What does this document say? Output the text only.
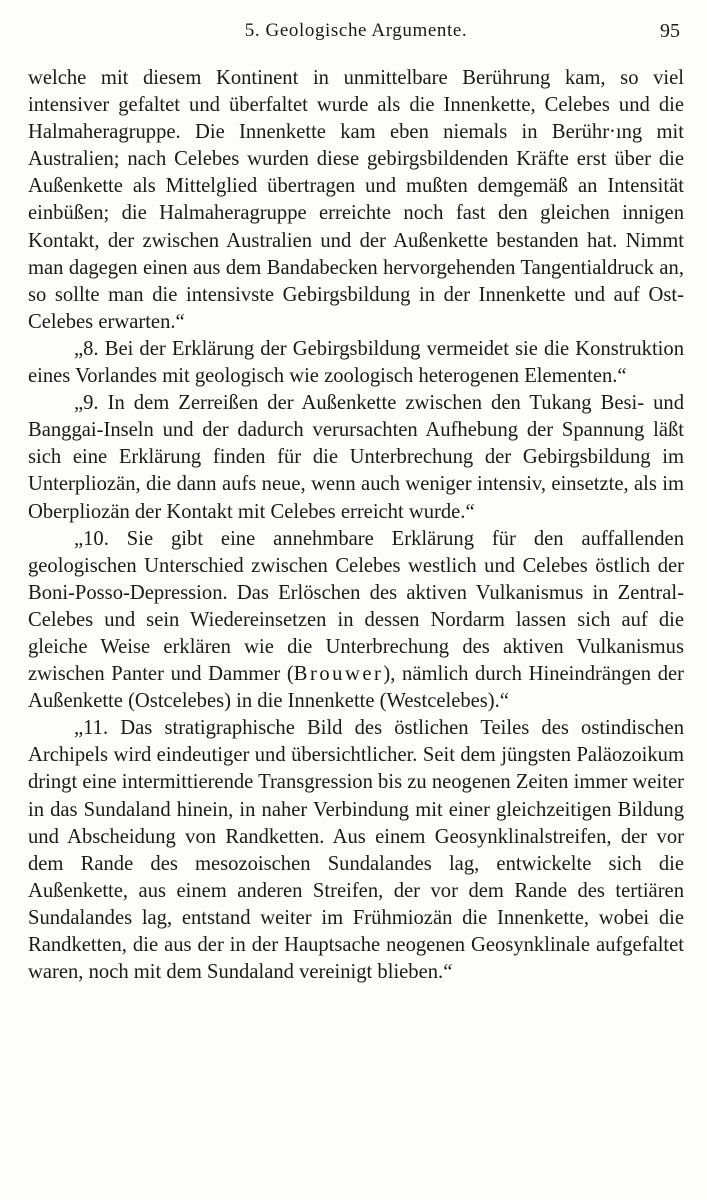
5. Geologische Argumente.	95

welche mit diesem Kontinent in unmittelbare Berührung kam, so viel intensiver gefaltet und überfaltet wurde als die Innenkette, Celebes und die Halmaheragruppe. Die Innenkette kam eben niemals in Berühr·ıng mit Australien; nach Celebes wurden diese gebirgsbildenden Kräfte erst über die Außenkette als Mittelglied übertragen und mußten demgemäß an Intensität einbüßen; die Halmaheragruppe erreichte noch fast den gleichen innigen Kontakt, der zwischen Australien und der Außenkette bestanden hat. Nimmt man dagegen einen aus dem Bandabecken hervorgehenden Tangentialdruck an, so sollte man die intensivste Gebirgsbildung in der Innenkette und auf Ost-Celebes erwarten.“

„8. Bei der Erklärung der Gebirgsbildung vermeidet sie die Konstruktion eines Vorlandes mit geologisch wie zoologisch heterogenen Elementen.“

„9. In dem Zerreißen der Außenkette zwischen den Tukang Besi- und Banggai-Inseln und der dadurch verursachten Aufhebung der Spannung läßt sich eine Erklärung finden für die Unterbrechung der Gebirgsbildung im Unterpliozän, die dann aufs neue, wenn auch weniger intensiv, einsetzte, als im Oberpliozän der Kontakt mit Celebes erreicht wurde.“

„10. Sie gibt eine annehmbare Erklärung für den auffallenden geologischen Unterschied zwischen Celebes westlich und Celebes östlich der Boni-Posso-Depression. Das Erlöschen des aktiven Vulkanismus in Zentral-Celebes und sein Wiedereinsetzen in dessen Nordarm lassen sich auf die gleiche Weise erklären wie die Unterbrechung des aktiven Vulkanismus zwischen Panter und Dammer (Brouwer), nämlich durch Hineindrängen der Außenkette (Ostcelebes) in die Innenkette (Westcelebes).“

„11. Das stratigraphische Bild des östlichen Teiles des ostindischen Archipels wird eindeutiger und übersichtlicher. Seit dem jüngsten Paläozoikum dringt eine intermittierende Transgression bis zu neogenen Zeiten immer weiter in das Sundaland hinein, in naher Verbindung mit einer gleichzeitigen Bildung und Abscheidung von Randketten. Aus einem Geosynklinalstreifen, der vor dem Rande des mesozoischen Sundalandes lag, entwickelte sich die Außenkette, aus einem anderen Streifen, der vor dem Rande des tertiären Sundalandes lag, entstand weiter im Frühmiozän die Innenkette, wobei die Randketten, die aus der in der Hauptsache neogenen Geosynklinale aufgefaltet waren, noch mit dem Sundaland vereinigt blieben.“
